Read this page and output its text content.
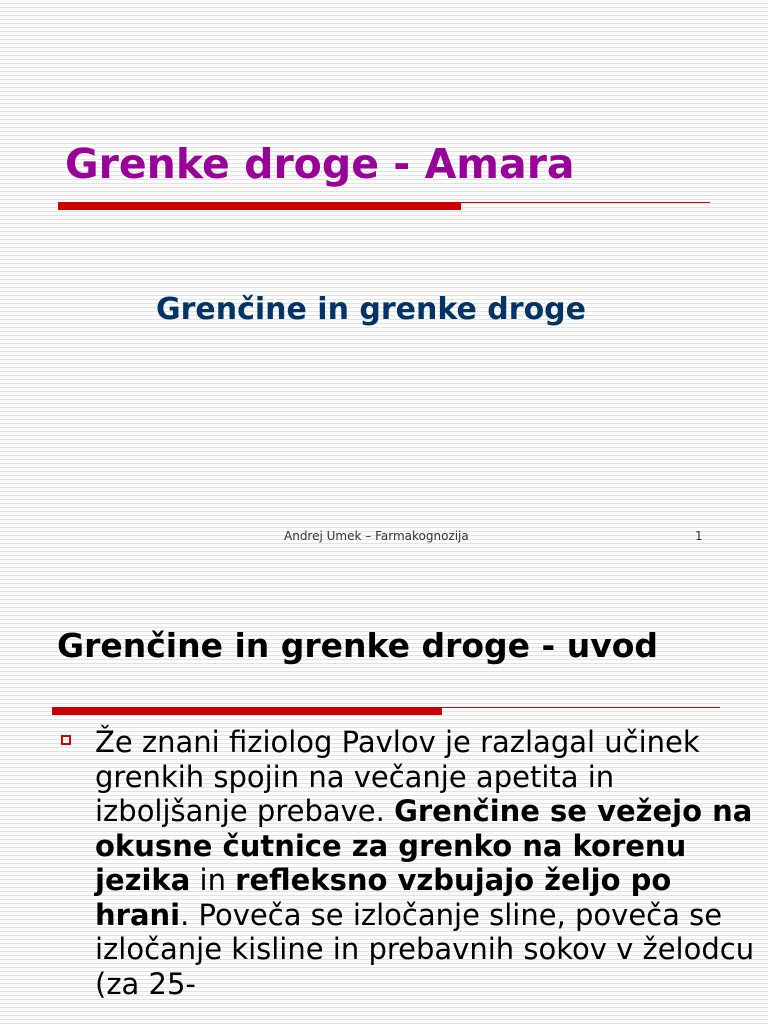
Grenke droge - Amara
Grenčine in grenke droge
Andrej Umek – Farmakognozija	1
Grenčine in grenke droge - uvod

Že znani fiziolog Pavlov je razlagal učinek grenkih spojin na večanje apetita in izboljšanje prebave. Grenčine se vežejo na okusne čutnice za grenko na korenu jezika in refleksno vzbujajo željo po hrani. Poveča se izločanje sline, poveča se izločanje kisline in prebavnih sokov v želodcu (za 25-
